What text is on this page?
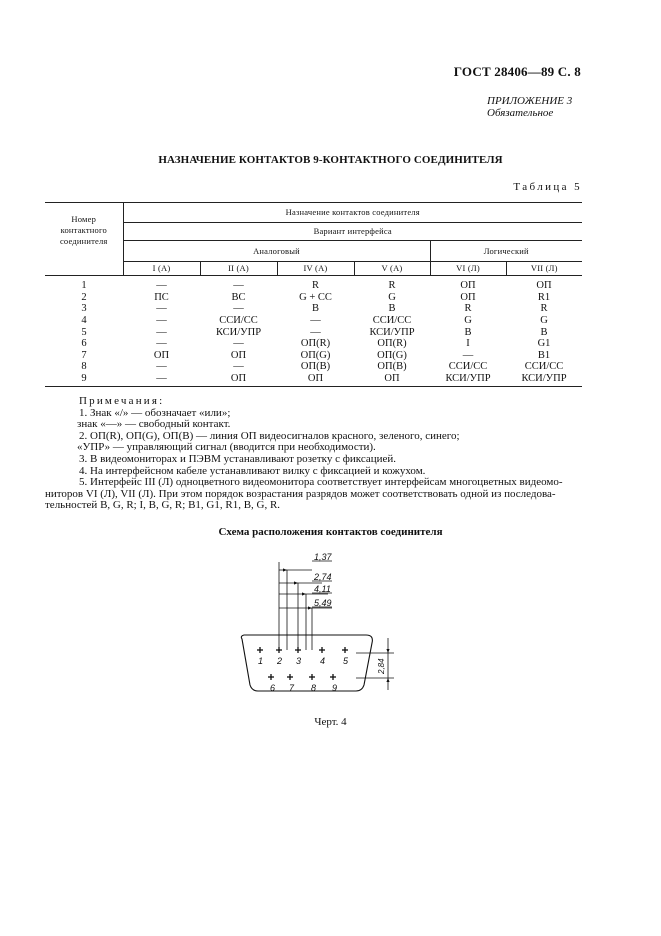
ГОСТ 28406—89 С. 8
ПРИЛОЖЕНИЕ 3
Обязательное
НАЗНАЧЕНИЕ КОНТАКТОВ 9-КОНТАКТНОГО СОЕДИНИТЕЛЯ
Таблица 5
Номер
контактного
соединителя	Назначение контактов соединителя					
	Вариант интерфейса					
	Аналоговый				Логический	
	I (А)	II (А)	IV (А)	V (А)	VI (Л)	VII (Л)
1	—	—	R	R	ОП	ОП
2	ПС	ВС	G + CC	G	ОП	R1
3	—	—	B	B	R	R
4	—	ССИ/СС	—	ССИ/СС	G	G
5	—	КСИ/УПР	—	КСИ/УПР	B	B
6	—	—	ОП(R)	ОП(R)	I	G1
7	ОП	ОП	ОП(G)	ОП(G)	—	B1
8	—	—	ОП(B)	ОП(B)	ССИ/СС	ССИ/СС
9	—	ОП	ОП	ОП	КСИ/УПР	КСИ/УПР
Примечания:
1. Знак «/» — обозначает «или»;
знак «—» — свободный контакт.
2. ОП(R), ОП(G), ОП(B) — линия ОП видеосигналов красного, зеленого, синего;
«УПР» — управляющий сигнал (вводится при необходимости).
3. В видеомониторах и ПЭВМ устанавливают розетку с фиксацией.
4. На интерфейсном кабеле устанавливают вилку с фиксацией и кожухом.
5. Интерфейс III (Л) одноцветного видеомонитора соответствует интерфейсам многоцветных видеомо-
ниторов VI (Л), VII (Л). При этом порядок возрастания разрядов может соответствовать одной из последова-
тельностей B, G, R; I, B, G, R; B1, G1, R1, B, G, R.
Схема расположения контактов соединителя
1,37
2,74
4,11
5,49
2,84
1 2 3 4 5
6 7 8 9
Черт. 4
